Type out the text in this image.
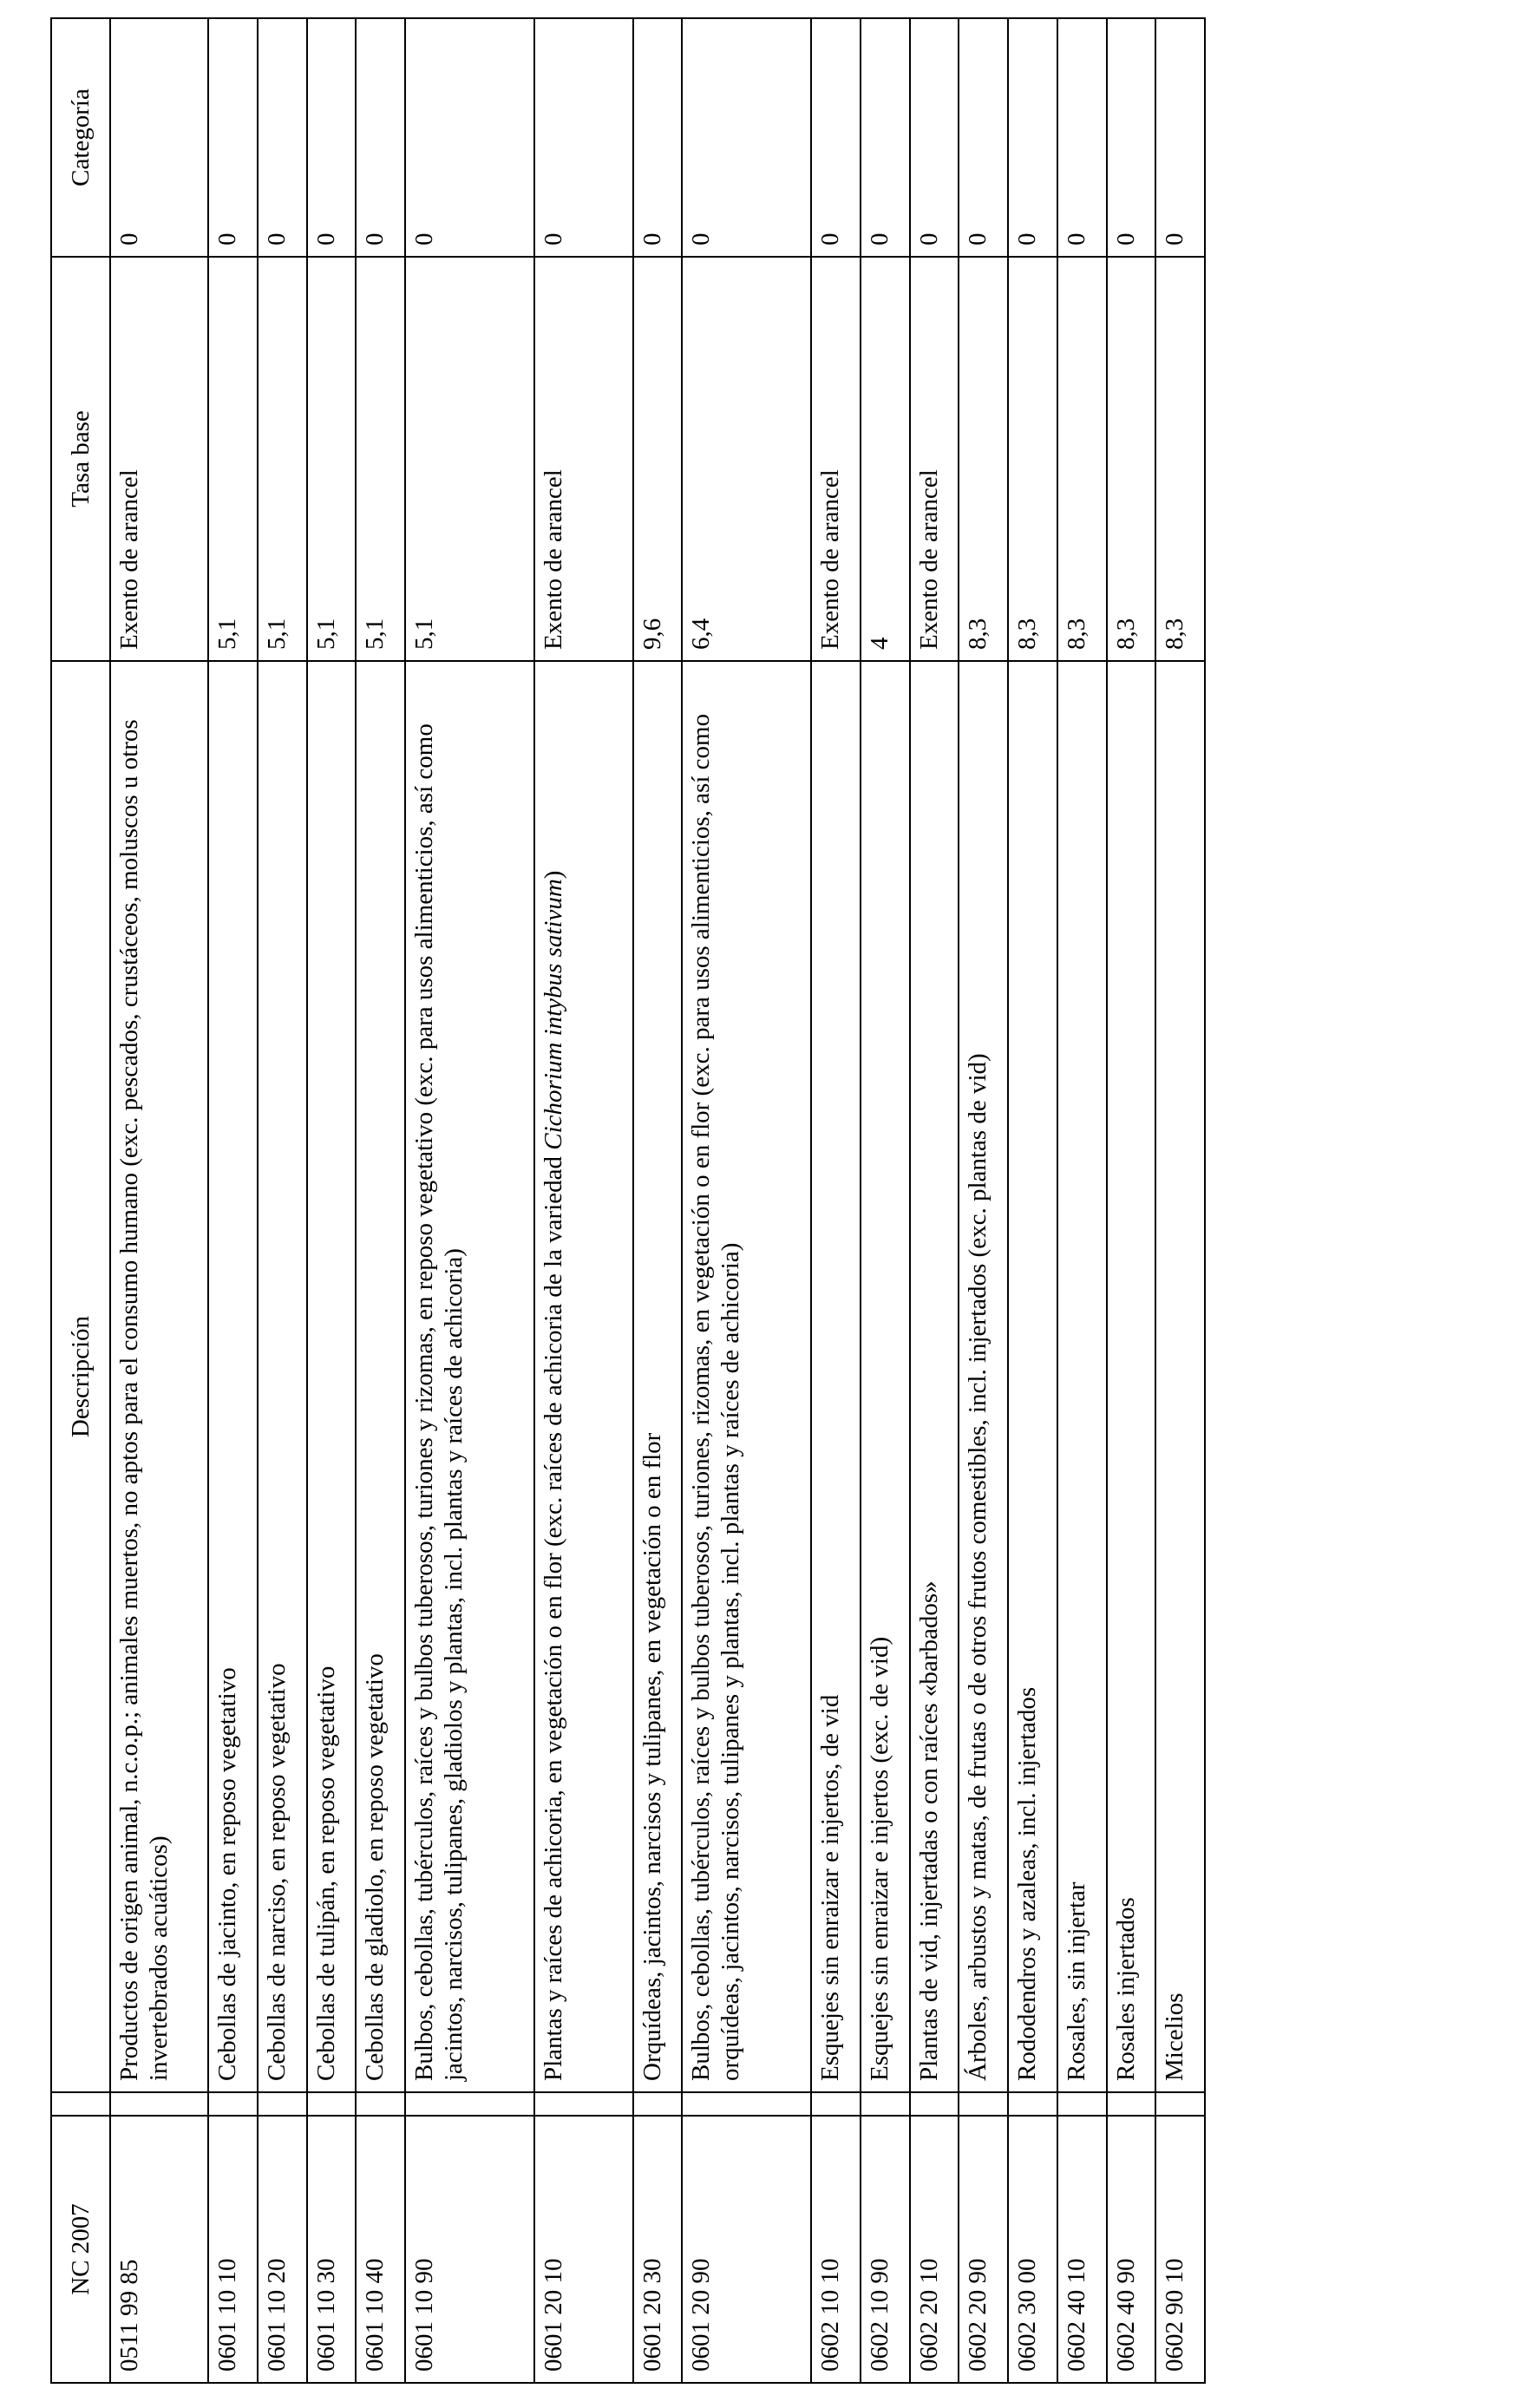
NC 2007		Descripción	Tasa base	Categoría
0511 99 85		Productos de origen animal, n.c.o.p.; animales muertos, no aptos para el consumo humano (exc. pescados, crustáceos, moluscos u otros invertebrados acuáticos)	Exento de arancel	0
0601 10 10		Cebollas de jacinto, en reposo vegetativo	5,1	0
0601 10 20		Cebollas de narciso, en reposo vegetativo	5,1	0
0601 10 30		Cebollas de tulipán, en reposo vegetativo	5,1	0
0601 10 40		Cebollas de gladiolo, en reposo vegetativo	5,1	0
0601 10 90		Bulbos, cebollas, tubérculos, raíces y bulbos tuberosos, turiones y rizomas, en reposo vegetativo (exc. para usos alimenticios, así como jacintos, narcisos, tulipanes, gladiolos y plantas, incl. plantas y raíces de achicoria)	5,1	0
0601 20 10		Plantas y raíces de achicoria, en vegetación o en flor (exc. raíces de achicoria de la variedad Cichorium intybus sativum)	Exento de arancel	0
0601 20 30		Orquídeas, jacintos, narcisos y tulipanes, en vegetación o en flor	9,6	0
0601 20 90		Bulbos, cebollas, tubérculos, raíces y bulbos tuberosos, turiones, rizomas, en vegetación o en flor (exc. para usos alimenticios, así como orquídeas, jacintos, narcisos, tulipanes y plantas, incl. plantas y raíces de achicoria)	6,4	0
0602 10 10		Esquejes sin enraizar e injertos, de vid	Exento de arancel	0
0602 10 90		Esquejes sin enraizar e injertos (exc. de vid)	4	0
0602 20 10		Plantas de vid, injertadas o con raíces «barbados»	Exento de arancel	0
0602 20 90		Árboles, arbustos y matas, de frutas o de otros frutos comestibles, incl. injertados (exc. plantas de vid)	8,3	0
0602 30 00		Rododendros y azaleas, incl. injertados	8,3	0
0602 40 10		Rosales, sin injertar	8,3	0
0602 40 90		Rosales injertados	8,3	0
0602 90 10		Micelios	8,3	0
